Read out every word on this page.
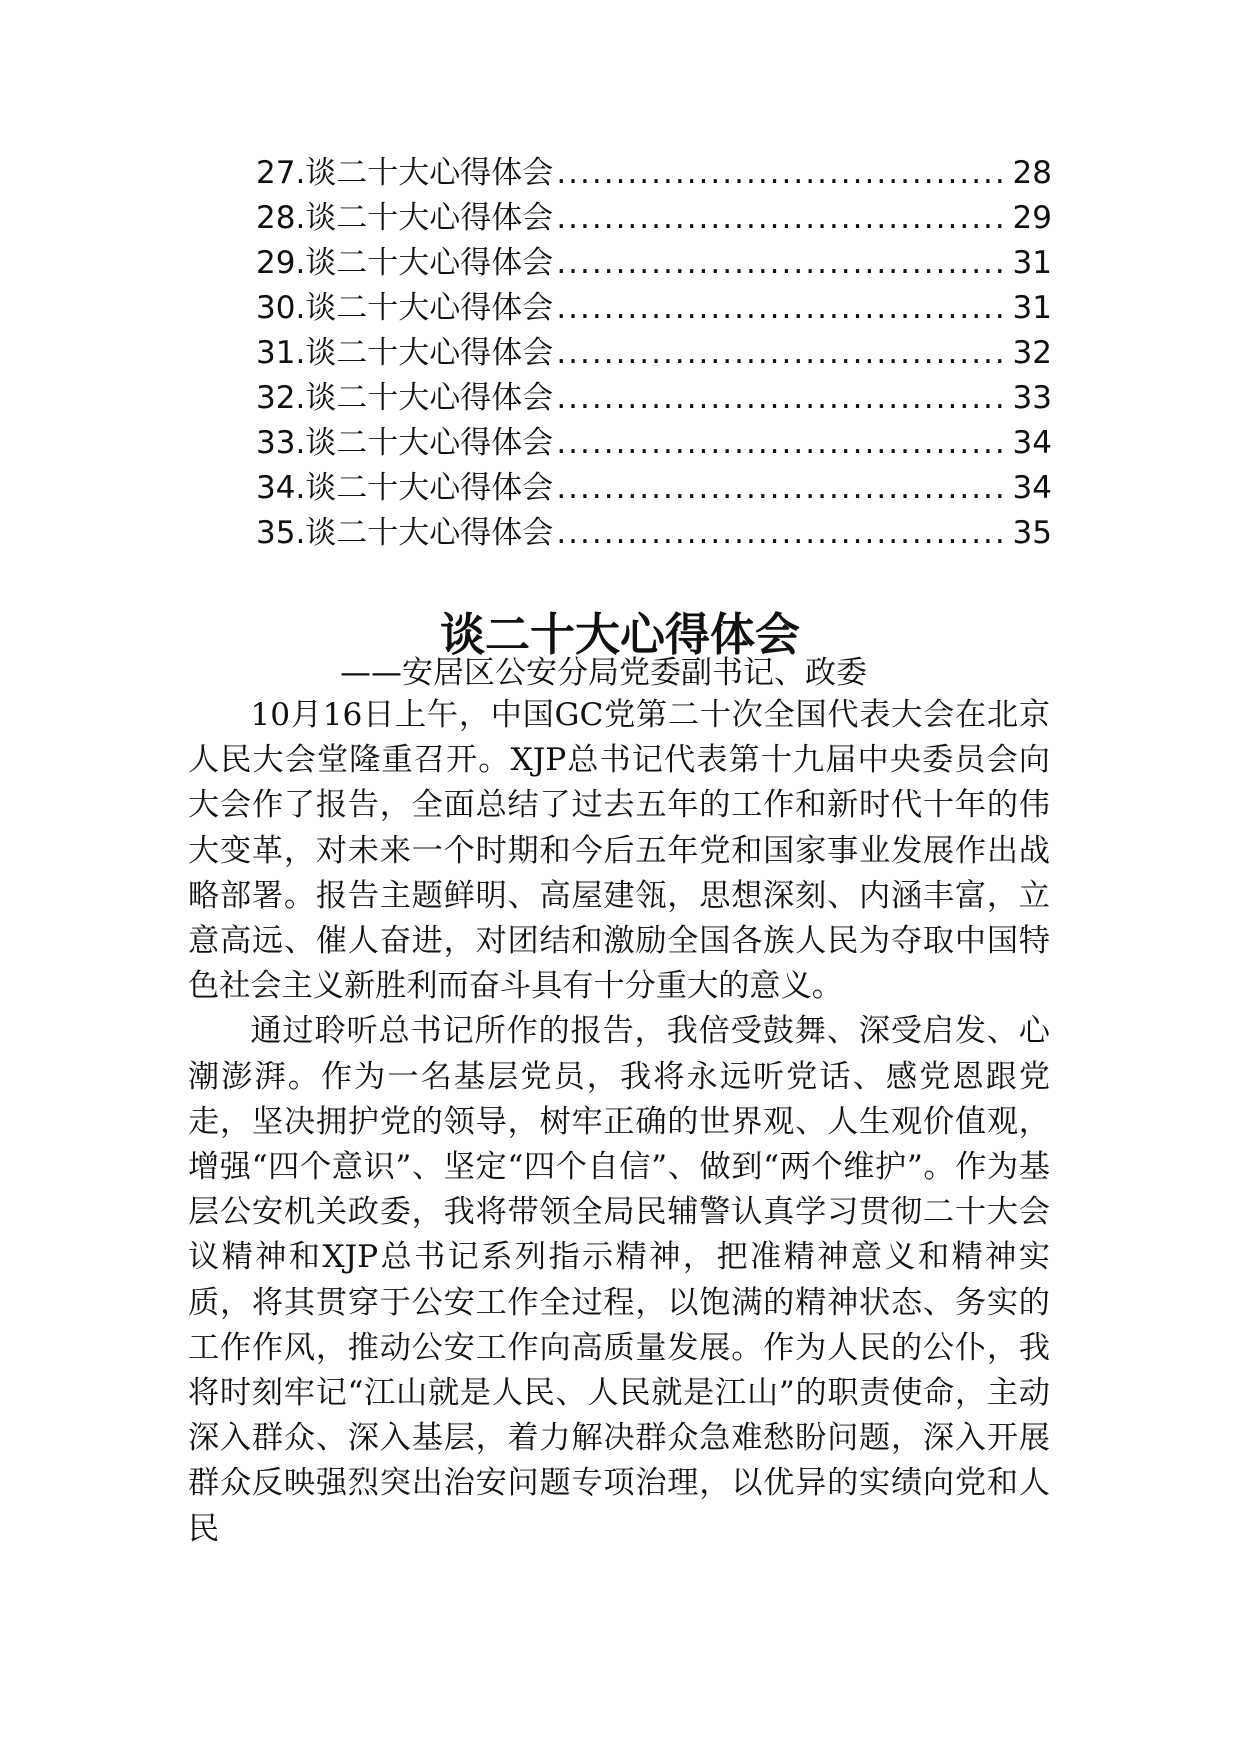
27.谈二十大心得体会 .....	28
28.谈二十大心得体会 .....	29
29.谈二十大心得体会 .....	31
30.谈二十大心得体会 .....	31
31.谈二十大心得体会 .....	32
32.谈二十大心得体会 .....	33
33.谈二十大心得体会 .....	34
34.谈二十大心得体会 .....	34
35.谈二十大心得体会 .....	35
谈二十大心得体会
——安居区公安分局党委副书记、政委

10月16日上午，中国GC党第二十次全国代表大会在北京人民大会堂隆重召开。XJP总书记代表第十九届中央委员会向大会作了报告，全面总结了过去五年的工作和新时代十年的伟大变革，对未来一个时期和今后五年党和国家事业发展作出战略部署。报告主题鲜明、高屋建瓴，思想深刻、内涵丰富，立意高远、催人奋进，对团结和激励全国各族人民为夺取中国特色社会主义新胜利而奋斗具有十分重大的意义。

通过聆听总书记所作的报告，我倍受鼓舞、深受启发、心潮澎湃。作为一名基层党员，我将永远听党话、感党恩跟党走，坚决拥护党的领导，树牢正确的世界观、人生观价值观，增强“四个意识”、坚定“四个自信”、做到“两个维护”。作为基层公安机关政委，我将带领全局民辅警认真学习贯彻二十大会议精神和XJP总书记系列指示精神，把准精神意义和精神实质，将其贯穿于公安工作全过程，以饱满的精神状态、务实的工作作风，推动公安工作向高质量发展。作为人民的公仆，我将时刻牢记“江山就是人民、人民就是江山”的职责使命，主动深入群众、深入基层，着力解决群众急难愁盼问题，深入开展群众反映强烈突出治安问题专项治理，以优异的实绩向党和人民
